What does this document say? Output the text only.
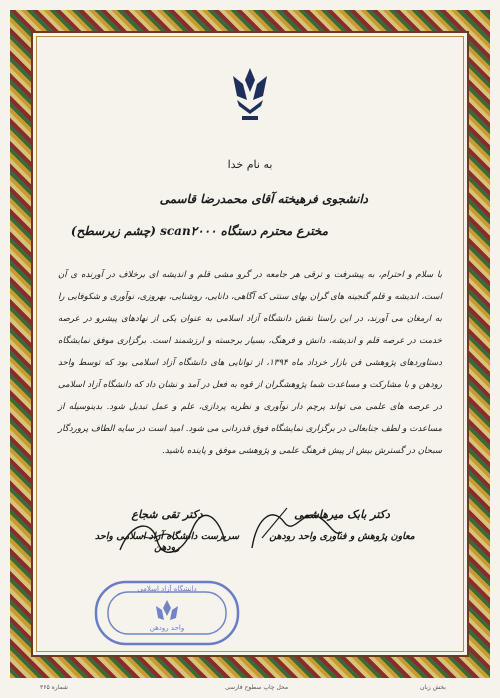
به نام خدا
دانشجوی فرهیخته آقای محمدرضا قاسمی
مخترع محترم دستگاه scan۲۰۰۰ (چشم زیرسطح)

با سلام و احترام، به پیشرفت و ترقی هر جامعه در گرو مشی قلم و اندیشه ای برخلاف در آورنده ی آن است، اندیشه و قلم گنجینه های گران بهای سنتی که آگاهی، دانایی، روشنایی، بهروزی، نوآوری و شکوفایی را به ارمغان می آورند، در این راستا نقش دانشگاه آزاد اسلامی به عنوان یکی از نهادهای پیشرو در عرصه خدمت در عرصه قلم و اندیشه، دانش و فرهنگ، بسیار برجسته و ارزشمند است. برگزاری موفق نمایشگاه دستاوردهای پژوهشی فن بازار خرداد ماه ۱۳۹۴، از توانایی های دانشگاه آزاد اسلامی بود که توسط واحد رودهن و با مشارکت و مساعدت شما پژوهشگران از قوه به فعل در آمد و نشان داد که دانشگاه آزاد اسلامی در عرصه های علمی می تواند پرچم دار نوآوری و نظریه پردازی، علم و عمل تبدیل شود. بدینوسیله از مساعدت و لطف جنابعالی در برگزاری نمایشگاه فوق قدردانی می شود. امید است در سایه الطاف پروردگار سبحان در گسترش بیش از پیش فرهنگ علمی و پژوهشی موفق و پاینده باشید.

دکتر تقی شجاع
سرپرست دانشگاه آزاد اسلامی واحد رودهن
دکتر بابک میرهاشمی
معاون پژوهش و فناوری واحد رودهن
دانشگاه آزاد اسلامی
واحد رودهن
شماره ۳۶۵	محل چاپ سطوح فارسی	بخش زبان
